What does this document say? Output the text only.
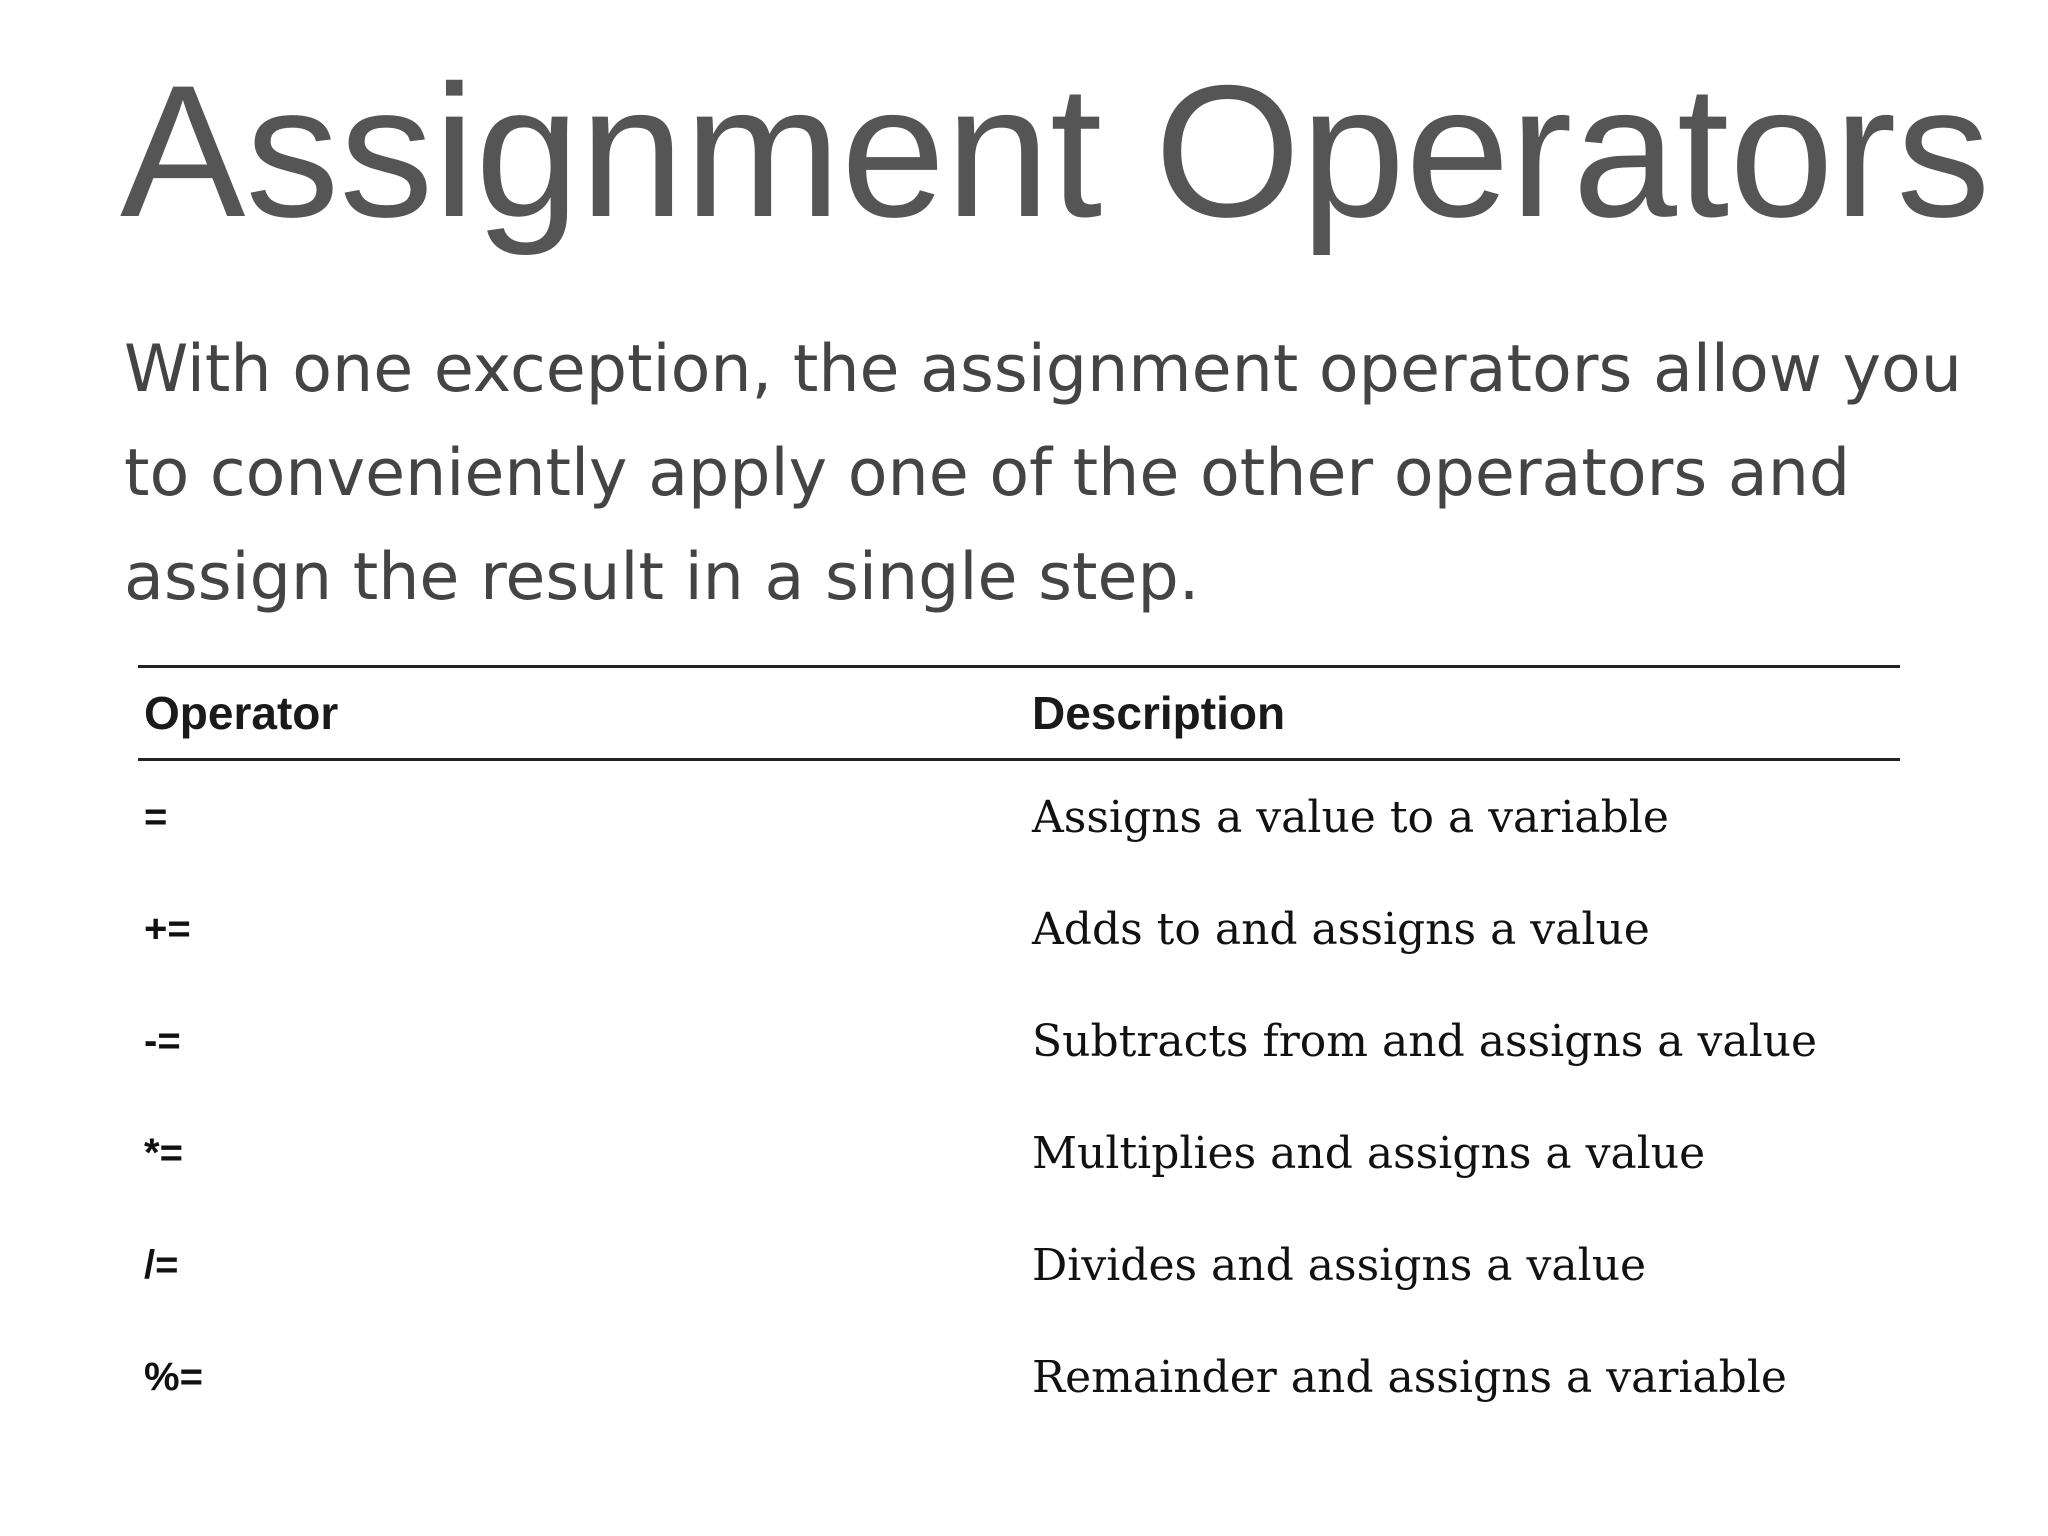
Assignment Operators

With one exception, the assignment operators allow you to conveniently apply one of the other operators and assign the result in a single step.

Operator	Description
=	Assigns a value to a variable
+=	Adds to and assigns a value
-=	Subtracts from and assigns a value
*=	Multiplies and assigns a value
/=	Divides and assigns a value
%=	Remainder and assigns a variable
